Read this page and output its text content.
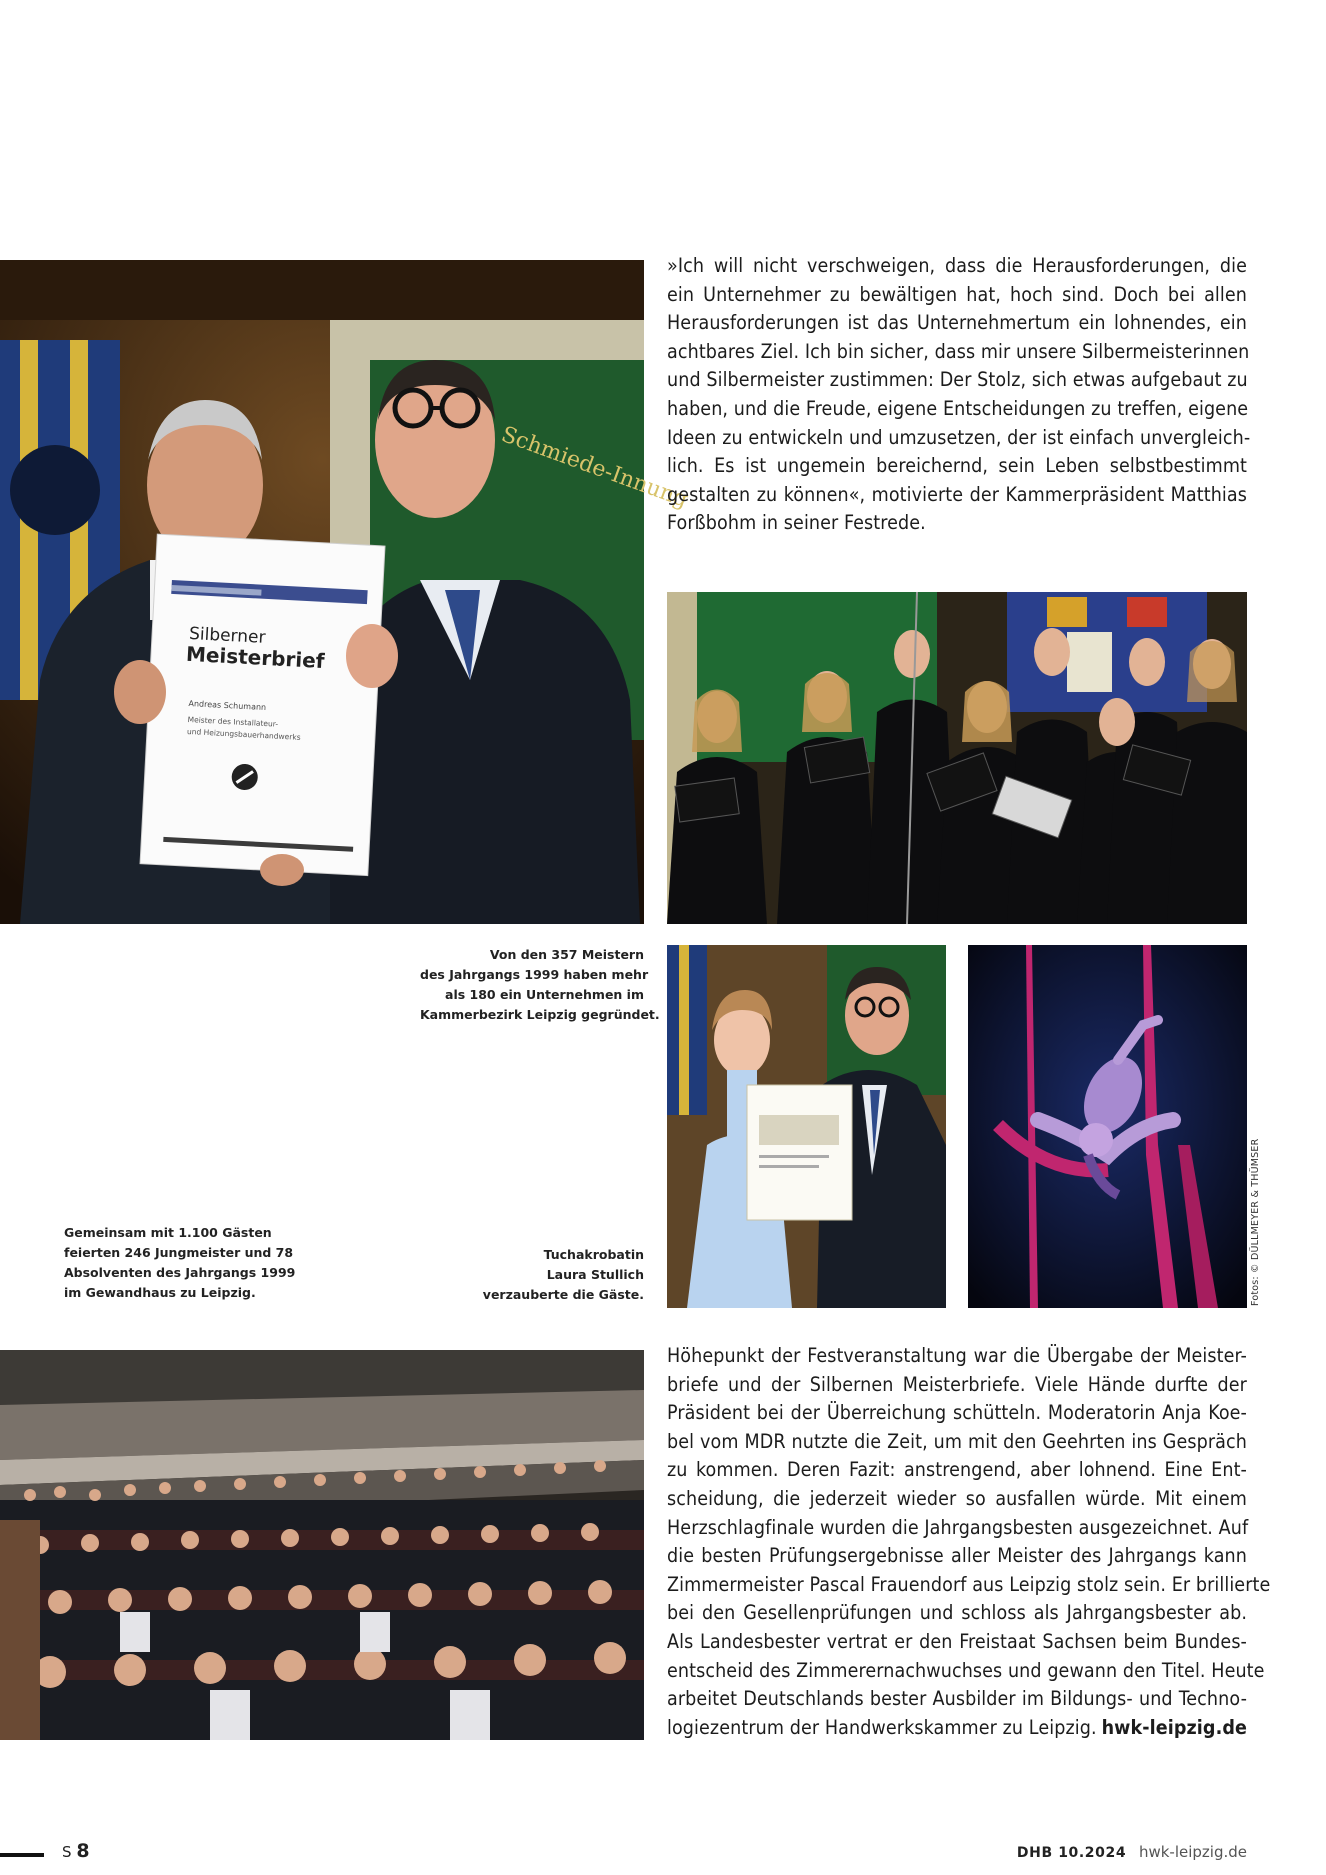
Schmiede-Innung
Silberner
Meisterbrief
Andreas Schumann
Meister des Installateur-
und Heizungsbauerhandwerks
»Ich will nicht verschweigen, dass die Herausforderungen, die
ein Unternehmer zu bewältigen hat, hoch sind. Doch bei allen
Herausforderungen ist das Unternehmertum ein lohnendes, ein
achtbares Ziel. Ich bin sicher, dass mir unsere Silbermeisterinnen
und Silbermeister zustimmen: Der Stolz, sich etwas aufgebaut zu
haben, und die Freude, eigene Entscheidungen zu treffen, eigene
Ideen zu entwickeln und umzusetzen, der ist einfach unvergleich-
lich. Es ist ungemein bereichernd, sein Leben selbstbestimmt
gestalten zu können«, motivierte der Kammerpräsident Matthias
Forßbohm in seiner Festrede.
Von den 357 Meistern
des Jahrgangs 1999 haben mehr
als 180 ein Unternehmen im
Kammerbezirk Leipzig gegründet.
Fotos: © DÜLLMEYER & THÜMSER
Gemeinsam mit 1.100 Gästen
feierten 246 Jungmeister und 78
Absolventen des Jahrgangs 1999
im Gewandhaus zu Leipzig.
Tuchakrobatin
Laura Stullich
verzauberte die Gäste.
Höhepunkt der Festveranstaltung war die Übergabe der Meister-
briefe und der Silbernen Meisterbriefe. Viele Hände durfte der
Präsident bei der Überreichung schütteln. Moderatorin Anja Koe-
bel vom MDR nutzte die Zeit, um mit den Geehrten ins Gespräch
zu kommen. Deren Fazit: anstrengend, aber lohnend. Eine Ent-
scheidung, die jederzeit wieder so ausfallen würde. Mit einem
Herzschlagfinale wurden die Jahrgangsbesten ausgezeichnet. Auf
die besten Prüfungsergebnisse aller Meister des Jahrgangs kann
Zimmermeister Pascal Frauendorf aus Leipzig stolz sein. Er brillierte
bei den Gesellenprüfungen und schloss als Jahrgangsbester ab.
Als Landesbester vertrat er den Freistaat Sachsen beim Bundes-
entscheid des Zimmerernachwuchses und gewann den Titel. Heute
arbeitet Deutschlands bester Ausbilder im Bildungs- und Techno-
logiezentrum der Handwerkskammer zu Leipzig. hwk-leipzig.de
S 8	DHB 10.2024 hwk-leipzig.de
